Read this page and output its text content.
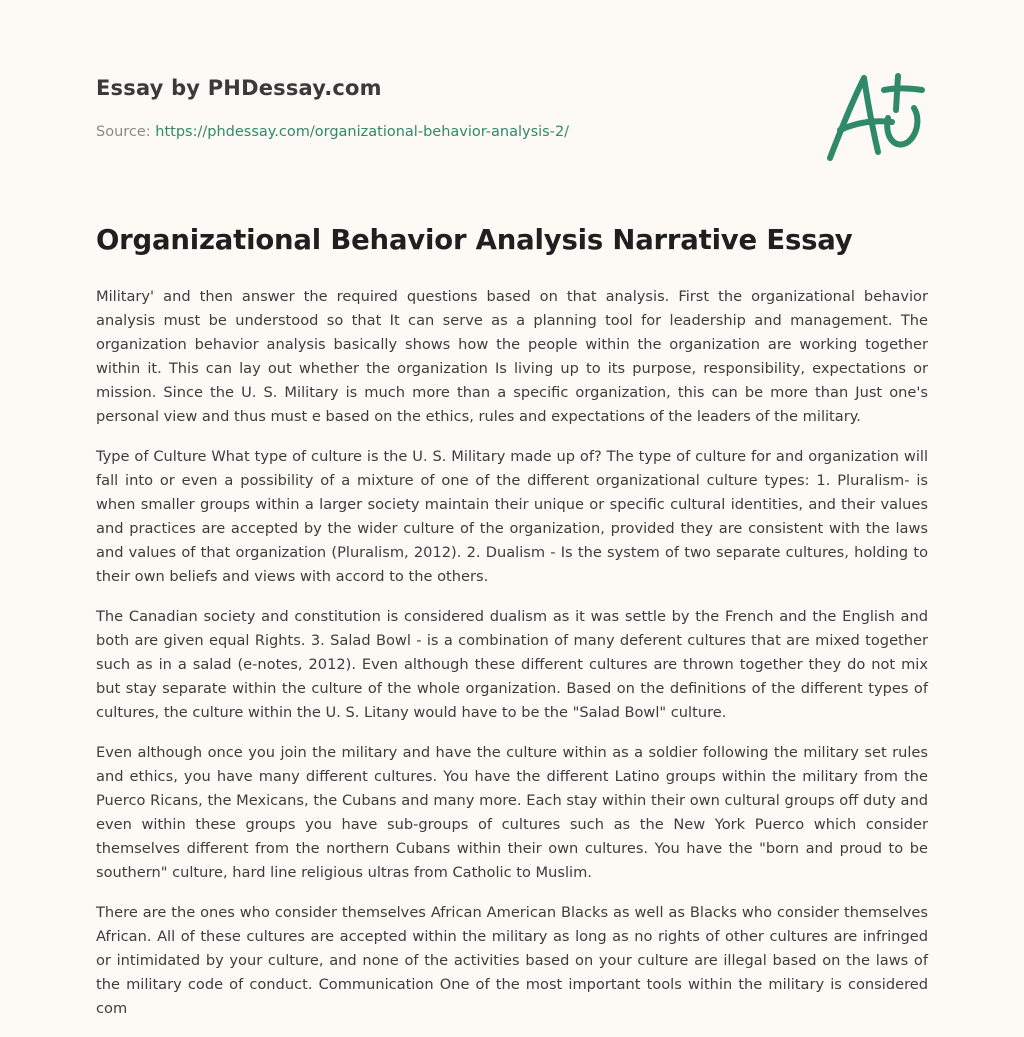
Essay by PHDessay.com
Source: https://phdessay.com/organizational-behavior-analysis-2/
Organizational Behavior Analysis Narrative Essay

Military' and then answer the required questions based on that analysis. First the organizational behavior analysis must be understood so that It can serve as a planning tool for leadership and management. The organization behavior analysis basically shows how the people within the organization are working together within it. This can lay out whether the organization Is living up to its purpose, responsibility, expectations or mission. Since the U. S. Military is much more than a specific organization, this can be more than Just one's personal view and thus must e based on the ethics, rules and expectations of the leaders of the military.

Type of Culture What type of culture is the U. S. Military made up of? The type of culture for and organization will fall into or even a possibility of a mixture of one of the different organizational culture types: 1. Pluralism- is when smaller groups within a larger society maintain their unique or specific cultural identities, and their values and practices are accepted by the wider culture of the organization, provided they are consistent with the laws and values of that organization (Pluralism, 2012). 2. Dualism - Is the system of two separate cultures, holding to their own beliefs and views with accord to the others.

The Canadian society and constitution is considered dualism as it was settle by the French and the English and both are given equal Rights. 3. Salad Bowl - is a combination of many deferent cultures that are mixed together such as in a salad (e-notes, 2012). Even although these different cultures are thrown together they do not mix but stay separate within the culture of the whole organization. Based on the definitions of the different types of cultures, the culture within the U. S. Litany would have to be the "Salad Bowl" culture.

Even although once you join the military and have the culture within as a soldier following the military set rules and ethics, you have many different cultures. You have the different Latino groups within the military from the Puerco Ricans, the Mexicans, the Cubans and many more. Each stay within their own cultural groups off duty and even within these groups you have sub-groups of cultures such as the New York Puerco which consider themselves different from the northern Cubans within their own cultures. You have the "born and proud to be southern" culture, hard line religious ultras from Catholic to Muslim.

There are the ones who consider themselves African American Blacks as well as Blacks who consider themselves African. All of these cultures are accepted within the military as long as no rights of other cultures are infringed or intimidated by your culture, and none of the activities based on your culture are illegal based on the laws of the military code of conduct. Communication One of the most important tools within the military is considered com
